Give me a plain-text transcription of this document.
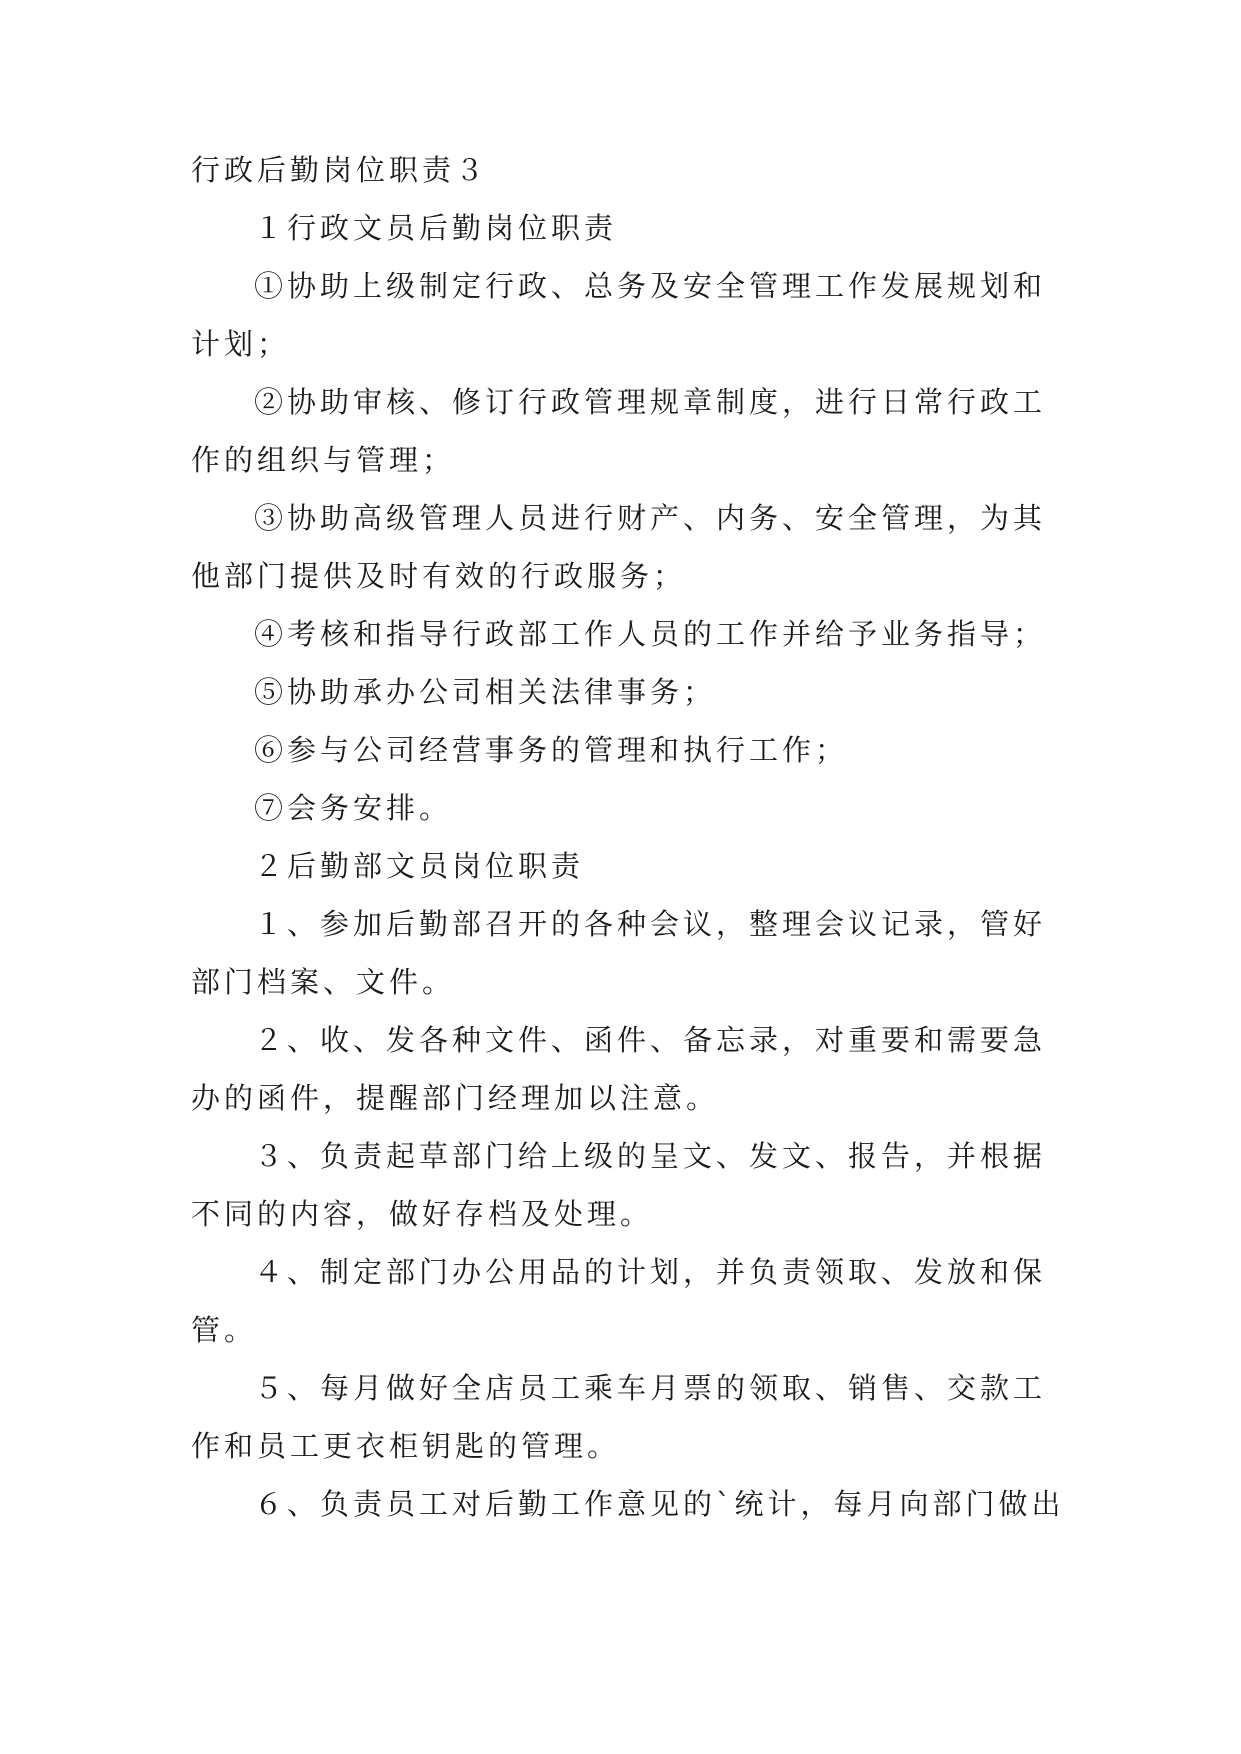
行政后勤岗位职责３
１行政文员后勤岗位职责
①协助上级制定行政、总务及安全管理工作发展规划和
计划；
②协助审核、修订行政管理规章制度，进行日常行政工
作的组织与管理；
③协助高级管理人员进行财产、内务、安全管理，为其
他部门提供及时有效的行政服务；
④考核和指导行政部工作人员的工作并给予业务指导；
⑤协助承办公司相关法律事务；
⑥参与公司经营事务的管理和执行工作；
⑦会务安排。
２后勤部文员岗位职责
１、参加后勤部召开的各种会议，整理会议记录，管好
部门档案、文件。
２、收、发各种文件、函件、备忘录，对重要和需要急
办的函件，提醒部门经理加以注意。
３、负责起草部门给上级的呈文、发文、报告，并根据
不同的内容，做好存档及处理。
４、制定部门办公用品的计划，并负责领取、发放和保
管。
５、每月做好全店员工乘车月票的领取、销售、交款工
作和员工更衣柜钥匙的管理。
６、负责员工对后勤工作意见的`统计，每月向部门做出
